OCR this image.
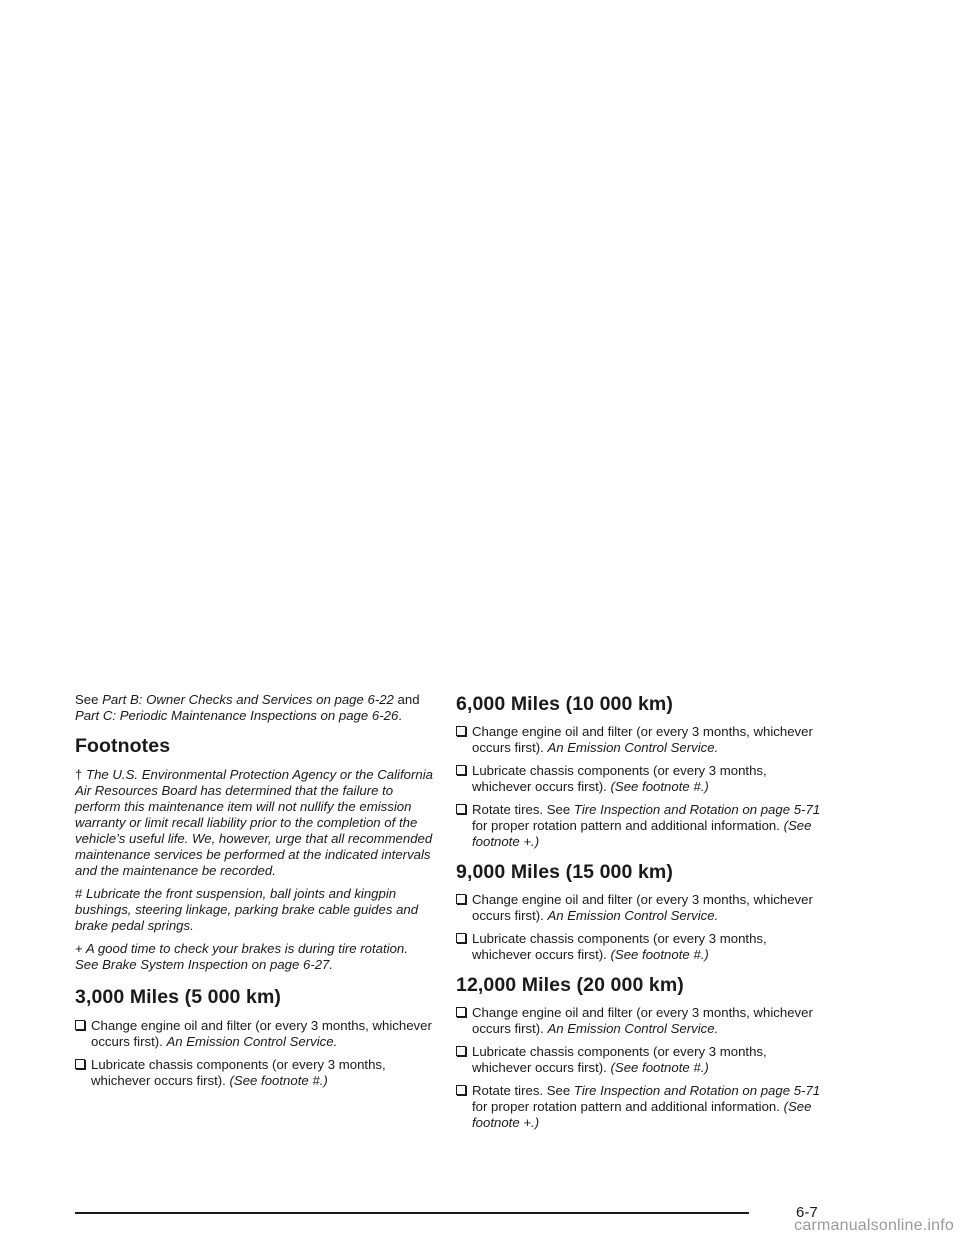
See Part B: Owner Checks and Services on page 6-22 and Part C: Periodic Maintenance Inspections on page 6-26.

Footnotes

† The U.S. Environmental Protection Agency or the California Air Resources Board has determined that the failure to perform this maintenance item will not nullify the emission warranty or limit recall liability prior to the completion of the vehicle’s useful life. We, however, urge that all recommended maintenance services be performed at the indicated intervals and the maintenance be recorded.

# Lubricate the front suspension, ball joints and kingpin bushings, steering linkage, parking brake cable guides and brake pedal springs.

+ A good time to check your brakes is during tire rotation. See Brake System Inspection on page 6-27.

3,000 Miles (5 000 km)
Change engine oil and filter (or every 3 months, whichever occurs first). An Emission Control Service.
Lubricate chassis components (or every 3 months, whichever occurs first). (See footnote #.)
6,000 Miles (10 000 km)
Change engine oil and filter (or every 3 months, whichever occurs first). An Emission Control Service.
Lubricate chassis components (or every 3 months, whichever occurs first). (See footnote #.)
Rotate tires. See Tire Inspection and Rotation on page 5-71 for proper rotation pattern and additional information. (See footnote +.)
9,000 Miles (15 000 km)
Change engine oil and filter (or every 3 months, whichever occurs first). An Emission Control Service.
Lubricate chassis components (or every 3 months, whichever occurs first). (See footnote #.)
12,000 Miles (20 000 km)
Change engine oil and filter (or every 3 months, whichever occurs first). An Emission Control Service.
Lubricate chassis components (or every 3 months, whichever occurs first). (See footnote #.)
Rotate tires. See Tire Inspection and Rotation on page 5-71 for proper rotation pattern and additional information. (See footnote +.)
6-7
carmanualsonline.info
